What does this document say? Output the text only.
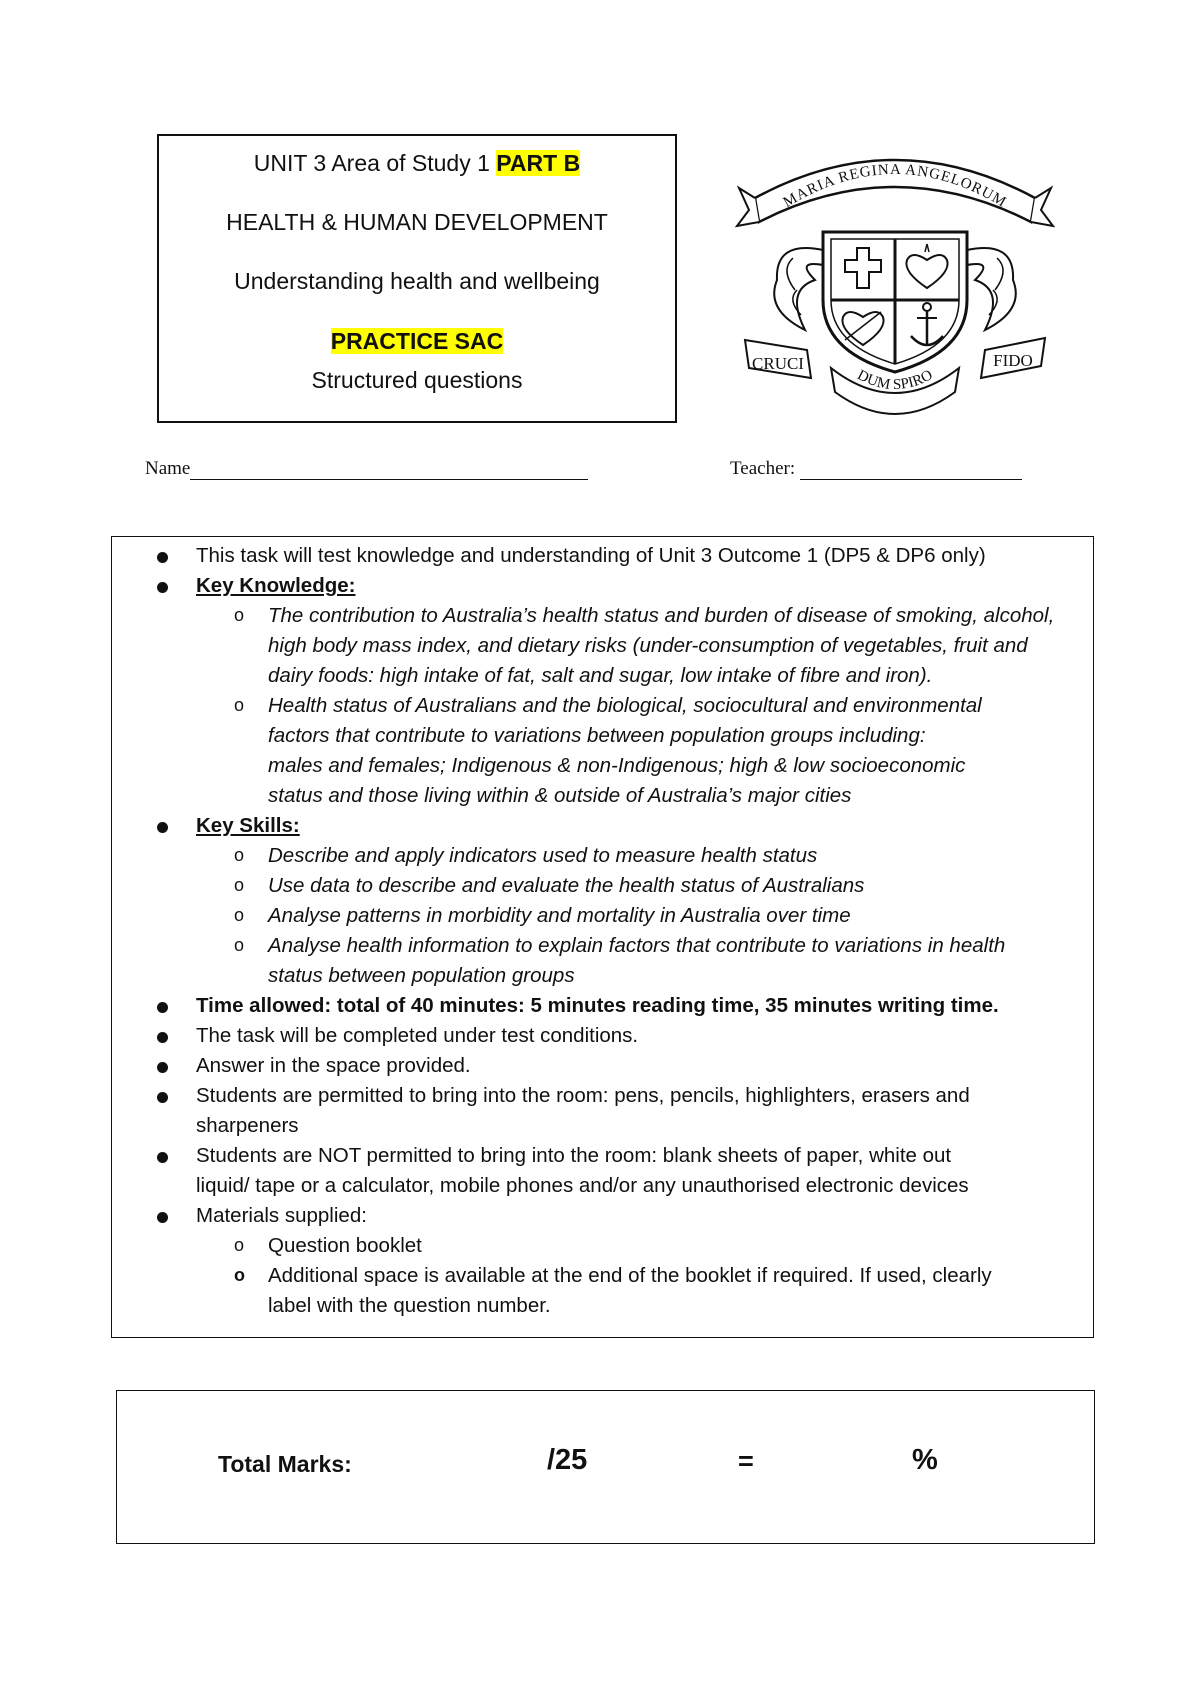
UNIT 3 Area of Study 1 PART B
HEALTH & HUMAN DEVELOPMENT
Understanding health and wellbeing
PRACTICE SAC
Structured questions
MARIA REGINA ANGELORUM
CRUCI	FIDO
DUM SPIRO
Name	Teacher:
This task will test knowledge and understanding of Unit 3 Outcome 1 (DP5 & DP6 only)
Key Knowledge:
o The contribution to Australia’s health status and burden of disease of smoking, alcohol,
high body mass index, and dietary risks (under-consumption of vegetables, fruit and
dairy foods: high intake of fat, salt and sugar, low intake of fibre and iron).
o Health status of Australians and the biological, sociocultural and environmental
factors that contribute to variations between population groups including:
males and females; Indigenous & non-Indigenous; high & low socioeconomic
status and those living within & outside of Australia’s major cities
Key Skills:
o Describe and apply indicators used to measure health status
o Use data to describe and evaluate the health status of Australians
o Analyse patterns in morbidity and mortality in Australia over time
o Analyse health information to explain factors that contribute to variations in health
status between population groups
Time allowed: total of 40 minutes: 5 minutes reading time, 35 minutes writing time.
The task will be completed under test conditions.
Answer in the space provided.
Students are permitted to bring into the room: pens, pencils, highlighters, erasers and
sharpeners
Students are NOT permitted to bring into the room: blank sheets of paper, white out
liquid/ tape or a calculator, mobile phones and/or any unauthorised electronic devices
Materials supplied:
o Question booklet
o Additional space is available at the end of the booklet if required. If used, clearly
label with the question number.
Total Marks:	/25	=	%
